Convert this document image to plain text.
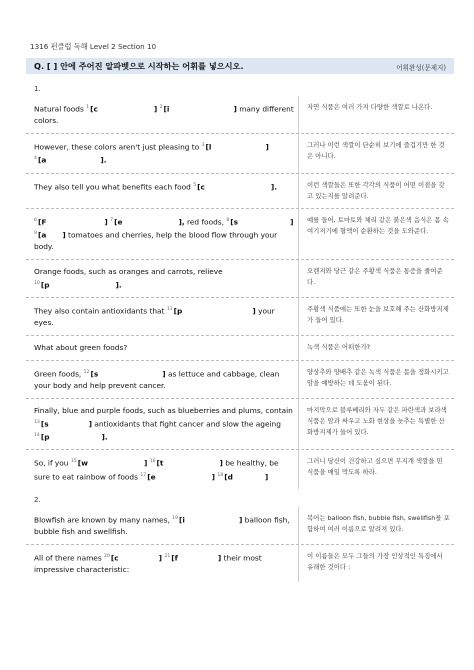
1316 펀클럽 독해 Level 2 Section 10
Q. [ ] 안에 주어진 알파벳으로 시작하는 어휘를 넣으시오.	어휘완성(문제지)
1.
Natural foods $^1$[c	] $^2$[i	] many different colors.
자연 식품은 여러 가지 다양한 색깔로 나온다.
However, these colors aren't just pleasing to $^3$[l	] $^4$[a	].
그러나 이런 색깔이 단순히 보기에 즐겁기만 한 것은 아니다.
They also tell you what benefits each food $^5$[c	].	이런 색깔들은 또한 각각의 식품이 어떤 이점을 갖고 있는지를 알려준다.
$^6$[F	] $^7$[e	], red foods, $^8$[s	] $^9$[a ] tomatoes and cherries, help the blood flow through your body.
예를 들어, 토마토와 체리 같은 붉은색 음식은 몸 속 여기저기에 혈액이 순환하는 것을 도와준다.
Orange foods, such as oranges and carrots, relieve $^{10}$[p	].
오렌지와 당근 같은 주황색 식품은 통증을 줄여준다.
They also contain antioxidants that $^{11}$[p	] your eyes.
주황색 식품에는 또한 눈을 보호해 주는 산화방지제가 들어 있다.
What about green foods?	녹색 식품은 어떠한가?
Green foods, $^{12}$[s	] as lettuce and cabbage, clean your body and help prevent cancer.
양상추와 양배추 같은 녹색 식품은 몸을 정화시키고 암을 예방하는 데 도움이 된다.
Finally, blue and purple foods, such as blueberries and plums, contain $^{13}$[s	] antioxidants that fight cancer and slow the ageing $^{14}$[p	].
마지막으로 블루베리와 자두 같은 파란색과 보라색 식품은 암과 싸우고 노화 현상을 늦추는 특별한 산화방지제가 들어 있다.
So, if you $^{15}$[w	] $^{16}$[t	] be healthy, be sure to eat rainbow of foods $^{17}$[e	] $^{18}$[d	]
그러니 당신이 건강하고 싶으면 무지개 색깔을 띤 식품을 매일 먹도록 하라.
2.
Blowfish are known by many names, $^{19}$[i	] balloon fish, bubble fish and swellfish.
복어는 balloon fish, bubble fish, swellfish를 포함하여 여러 이름으로 알려져 있다.
All of there names $^{20}$[c	] $^{21}$[f	] their most impressive characteristic:
이 이름들은 모두 그들의 가장 인상적인 특징에서 유래한 것이다 :
